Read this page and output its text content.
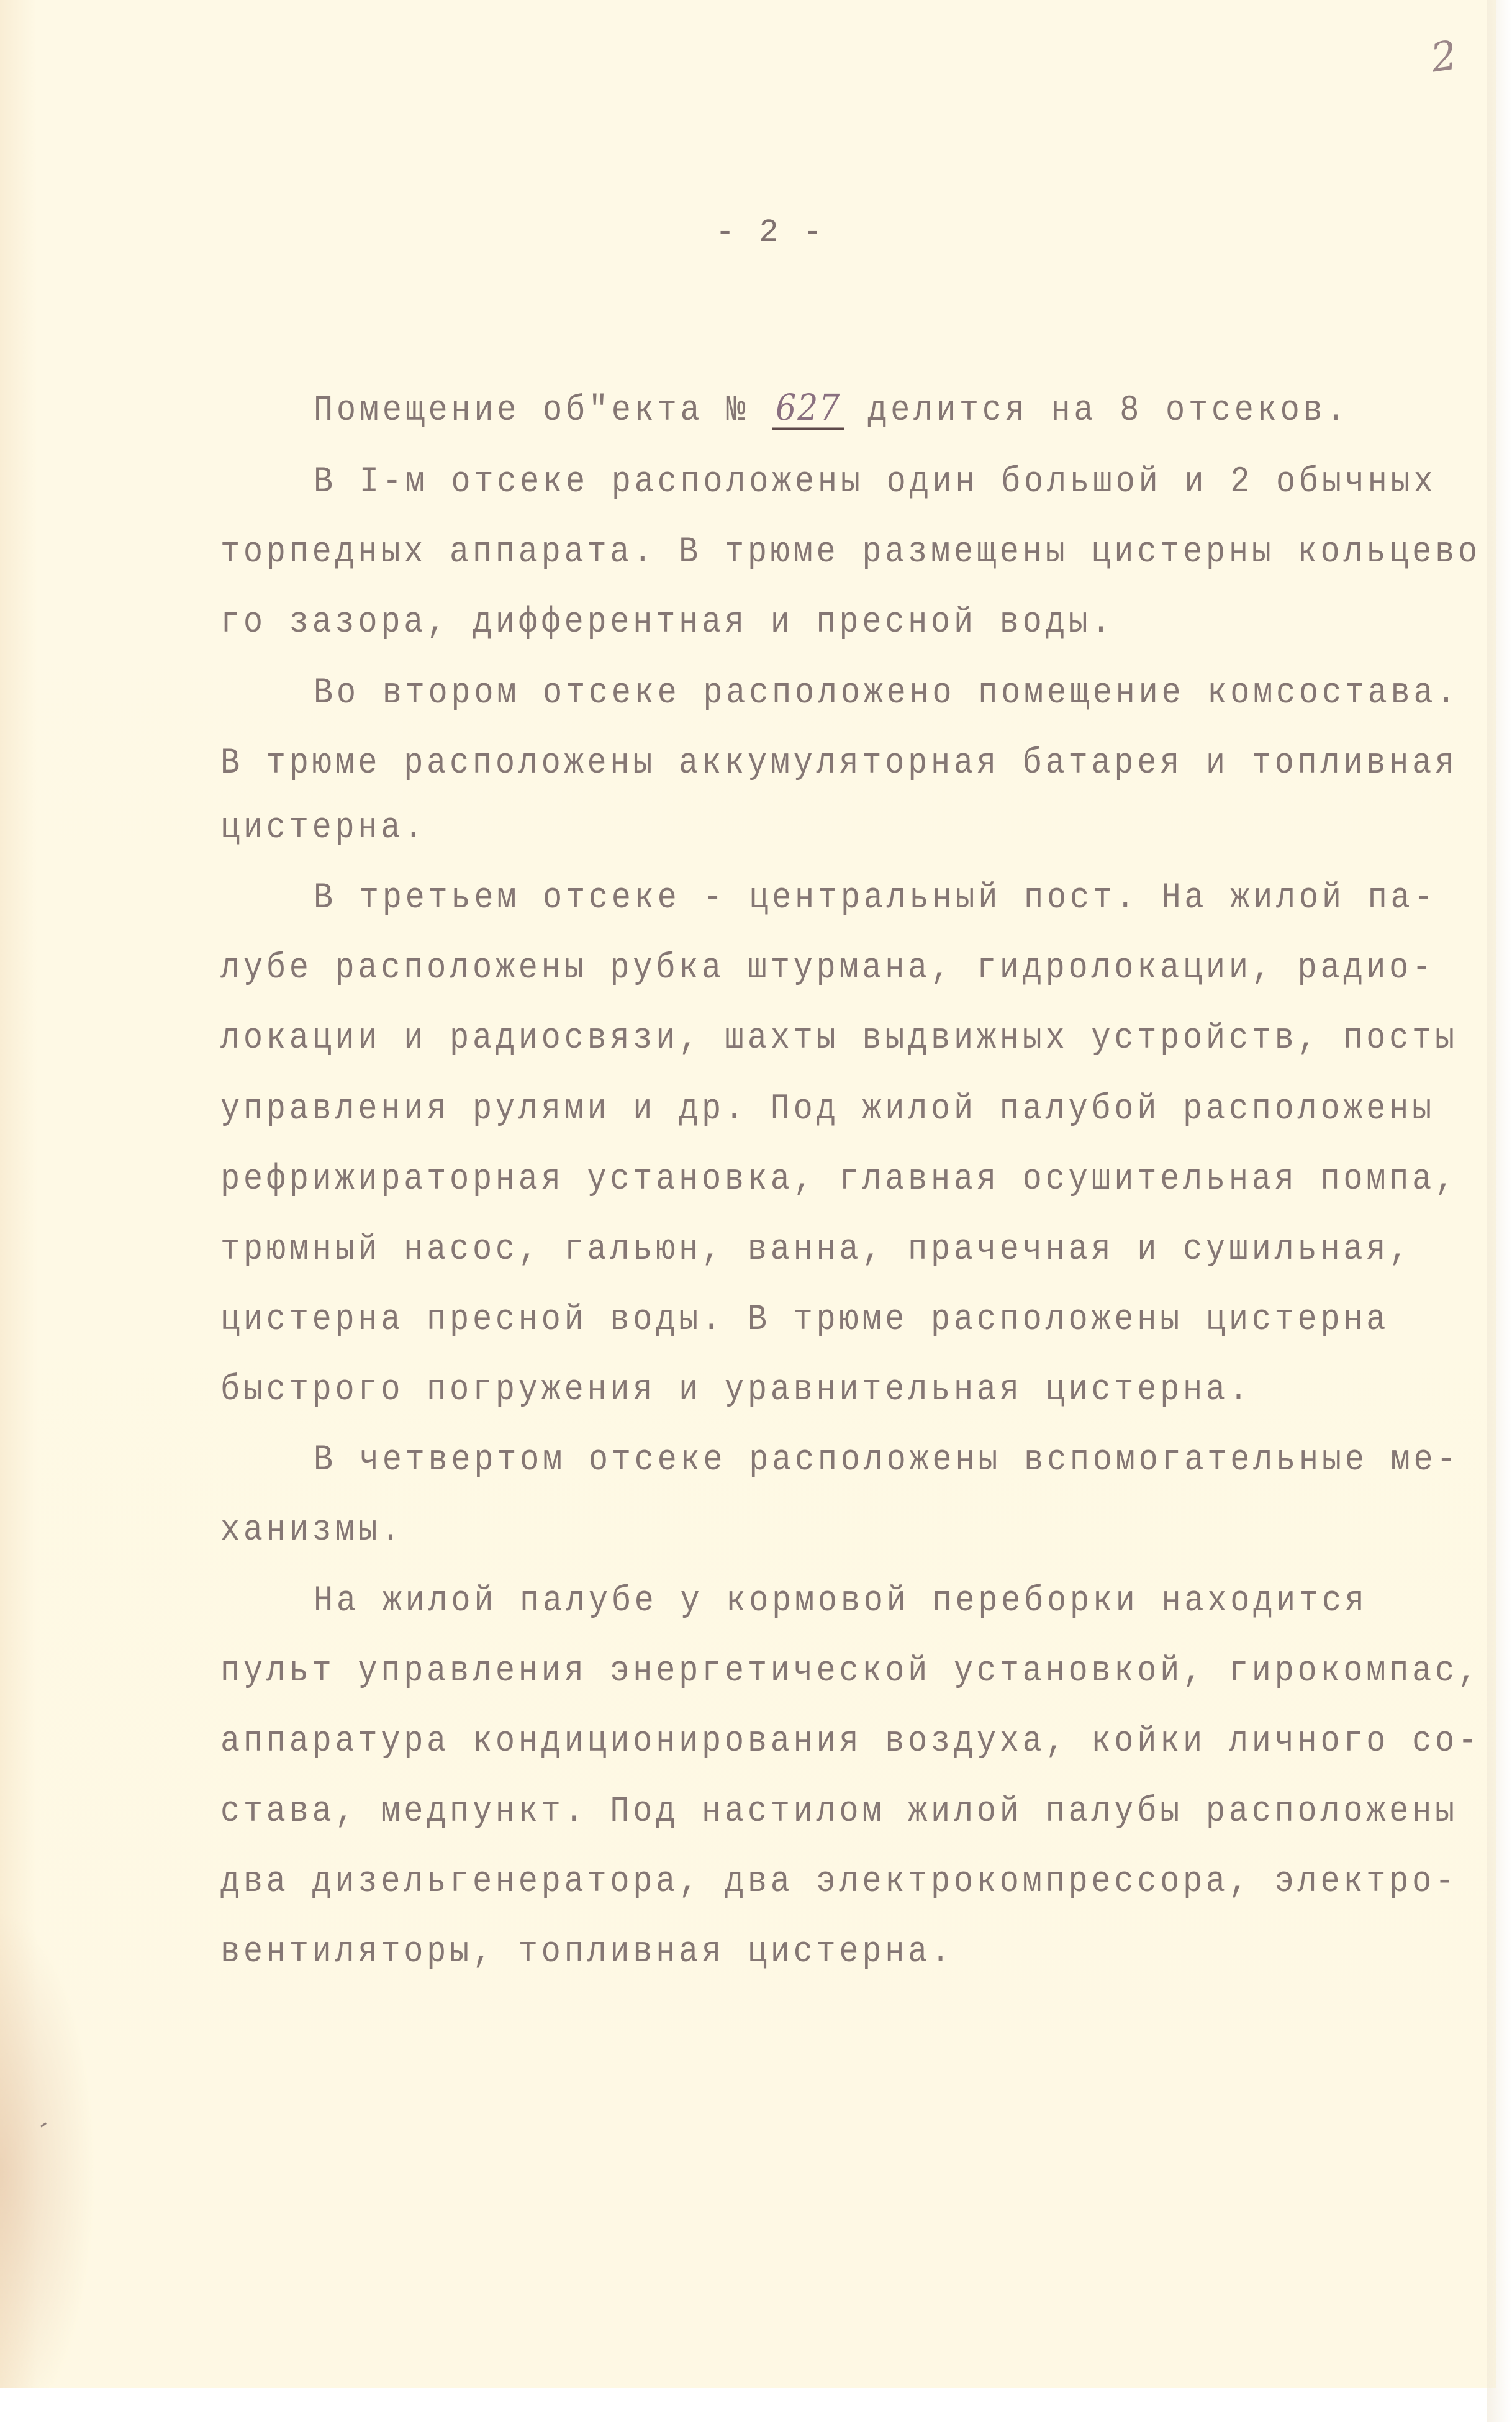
2
- 2 -
Помещение об"екта № 627 делится на 8 отсеков.
В I-м отсеке расположены один большой и 2 обычных
торпедных аппарата. В трюме размещены цистерны кольцево
го зазора, дифферентная и пресной воды.
Во втором отсеке расположено помещение комсостава.
В трюме расположены аккумуляторная батарея и топливная
цистерна.
В третьем отсеке - центральный пост. На жилой па-
лубе расположены рубка штурмана, гидролокации, радио-
локации и радиосвязи, шахты выдвижных устройств, посты
управления рулями и др. Под жилой палубой расположены
рефрижираторная установка, главная осушительная помпа,
трюмный насос, гальюн, ванна, прачечная и сушильная,
цистерна пресной воды. В трюме расположены цистерна
быстрого погружения и уравнительная цистерна.
В четвертом отсеке расположены вспомогательные ме-
ханизмы.
На жилой палубе у кормовой переборки находится
пульт управления энергетической установкой, гирокомпас,
аппаратура кондиционирования воздуха, койки личного со-
става, медпункт. Под настилом жилой палубы расположены
два дизельгенератора, два электрокомпрессора, электро-
вентиляторы, топливная цистерна.
